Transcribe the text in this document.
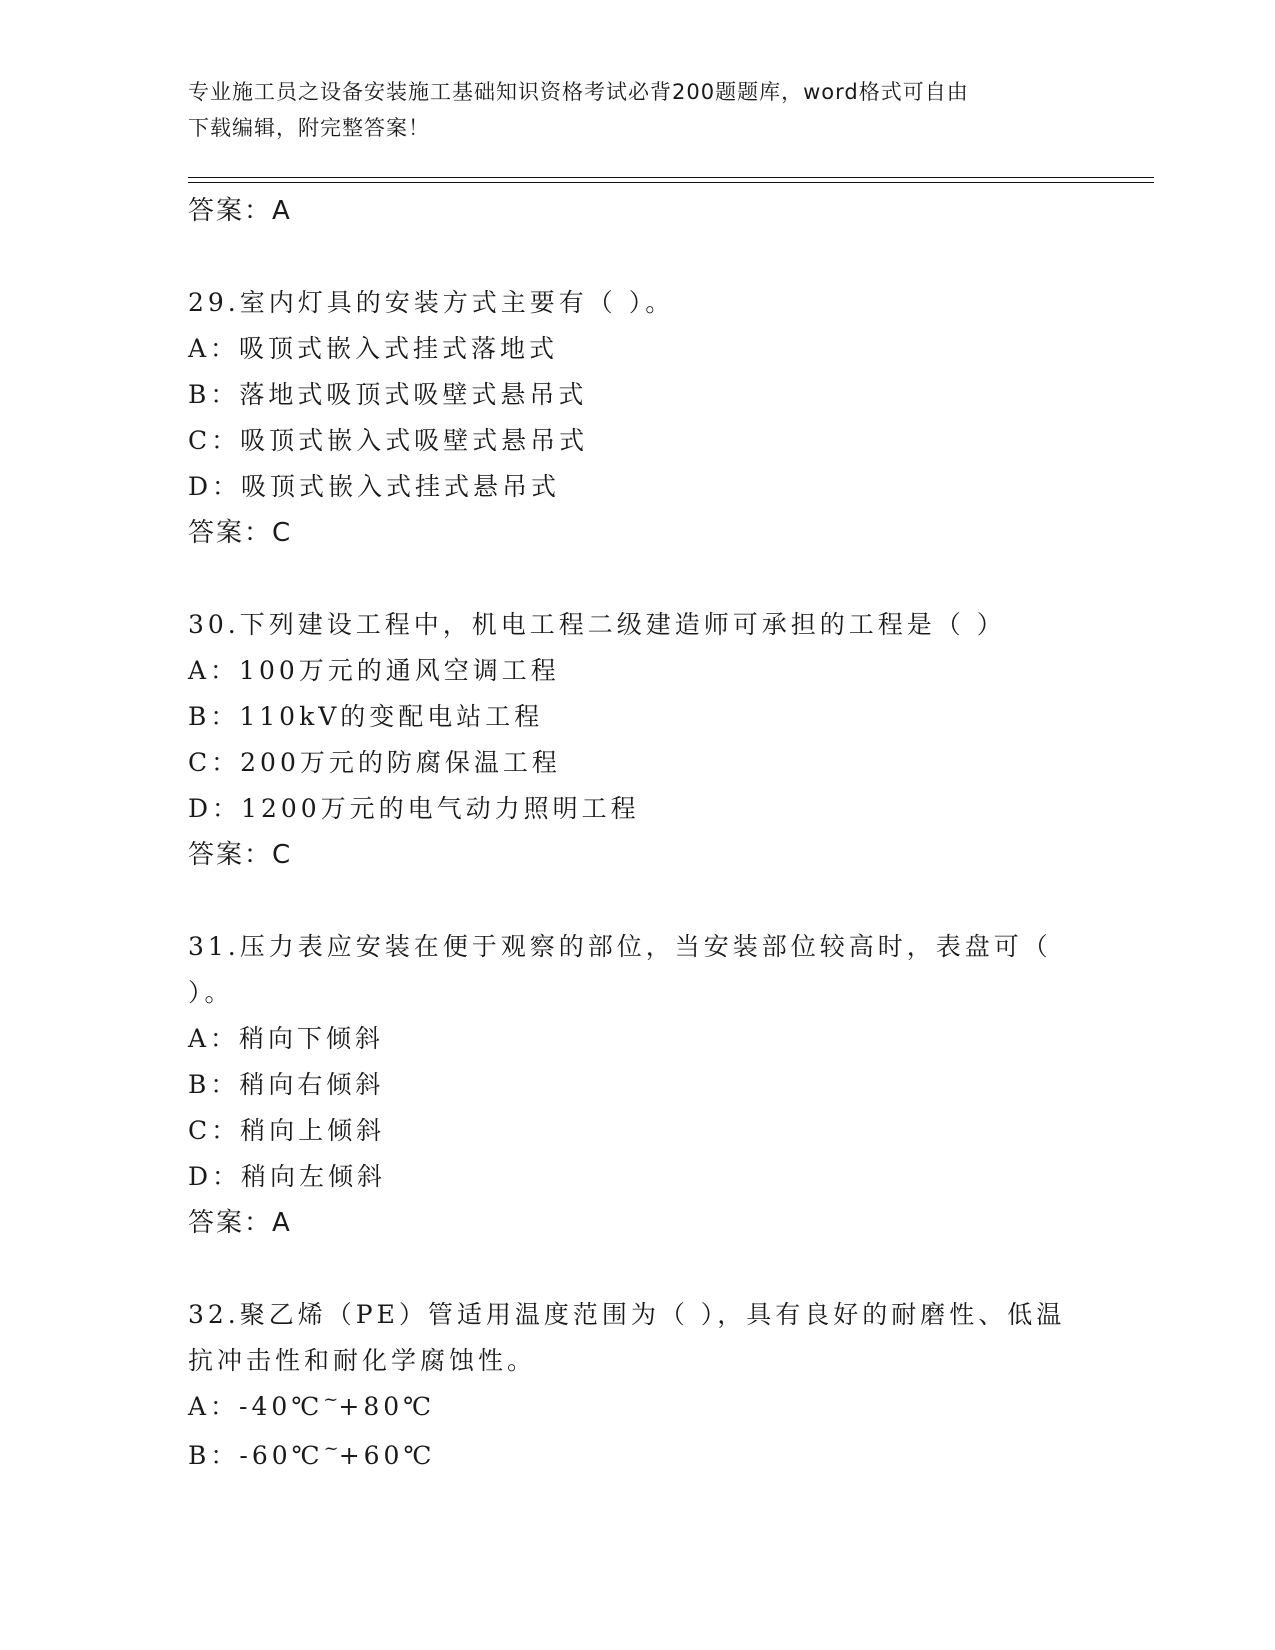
专业施工员之设备安装施工基础知识资格考试必背200题题库，word格式可自由
下载编辑，附完整答案！
答案：A
29.室内灯具的安装方式主要有（ ）。
A：吸顶式嵌入式挂式落地式
B：落地式吸顶式吸壁式悬吊式
C：吸顶式嵌入式吸壁式悬吊式
D：吸顶式嵌入式挂式悬吊式
答案：C
30.下列建设工程中，机电工程二级建造师可承担的工程是（ ）
A：100万元的通风空调工程
B：110kV的变配电站工程
C：200万元的防腐保温工程
D：1200万元的电气动力照明工程
答案：C
31.压力表应安装在便于观察的部位，当安装部位较高时，表盘可（
）。
A：稍向下倾斜
B：稍向右倾斜
C：稍向上倾斜
D：稍向左倾斜
答案：A
32.聚乙烯（PE）管适用温度范围为（ ），具有良好的耐磨性、低温
抗冲击性和耐化学腐蚀性。
A：-40℃~+80℃
B：-60℃~+60℃
